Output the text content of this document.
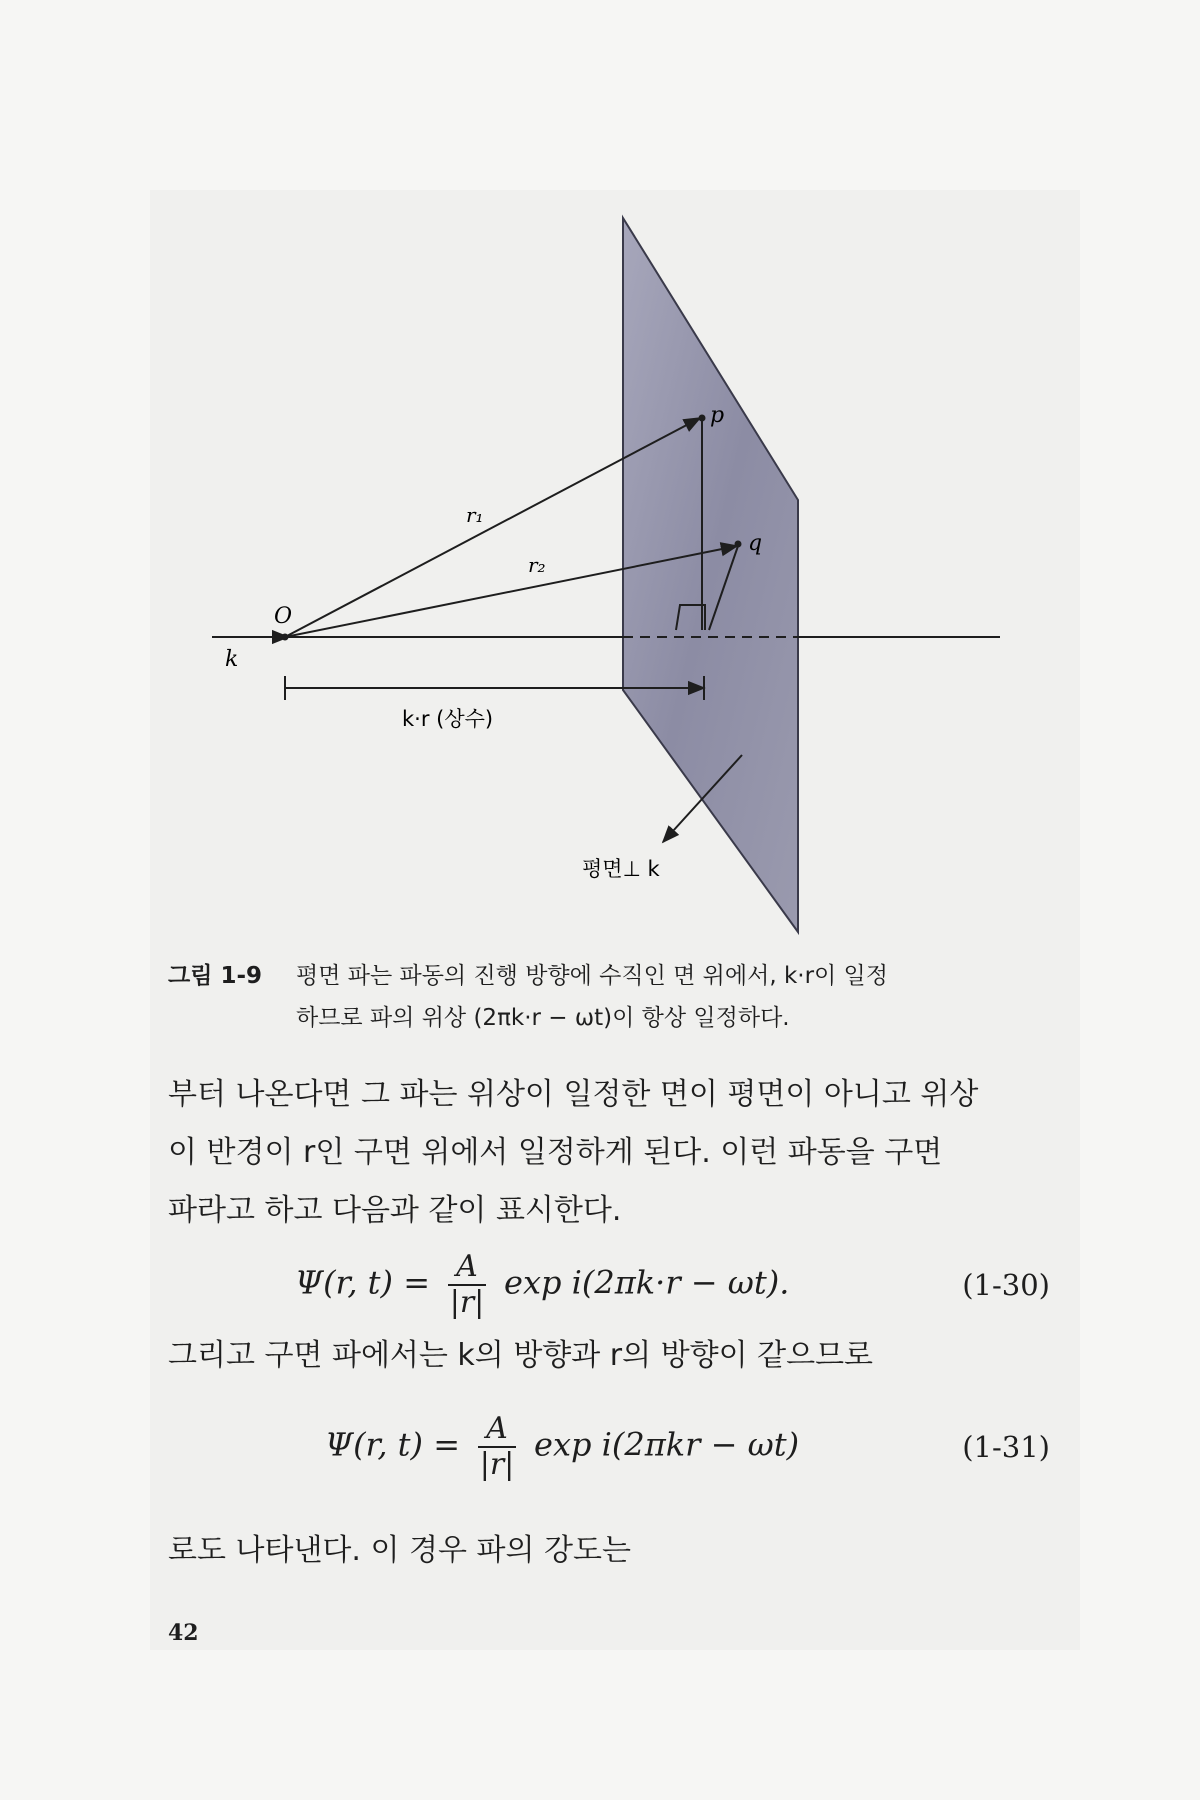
p
q
O
k
r₁
r₂
k·r (상수)
평면⊥ k
그림 1-9 평면 파는 파동의 진행 방향에 수직인 면 위에서, k·r이 일정
하므로 파의 위상 (2πk·r − ωt)이 항상 일정하다.
부터 나온다면 그 파는 위상이 일정한 면이 평면이 아니고 위상
이 반경이 r인 구면 위에서 일정하게 된다. 이런 파동을 구면
파라고 하고 다음과 같이 표시한다.
Ψ(r, $t) = \frac{A}{|r|}$ exp i(2πk·r − ωt).	(1-30)
그리고 구면 파에서는 k의 방향과 r의 방향이 같으므로
Ψ(r, $t) = \frac{A}{|r|}$ exp i(2πkr − ωt)	(1-31)
로도 나타낸다. 이 경우 파의 강도는
42
